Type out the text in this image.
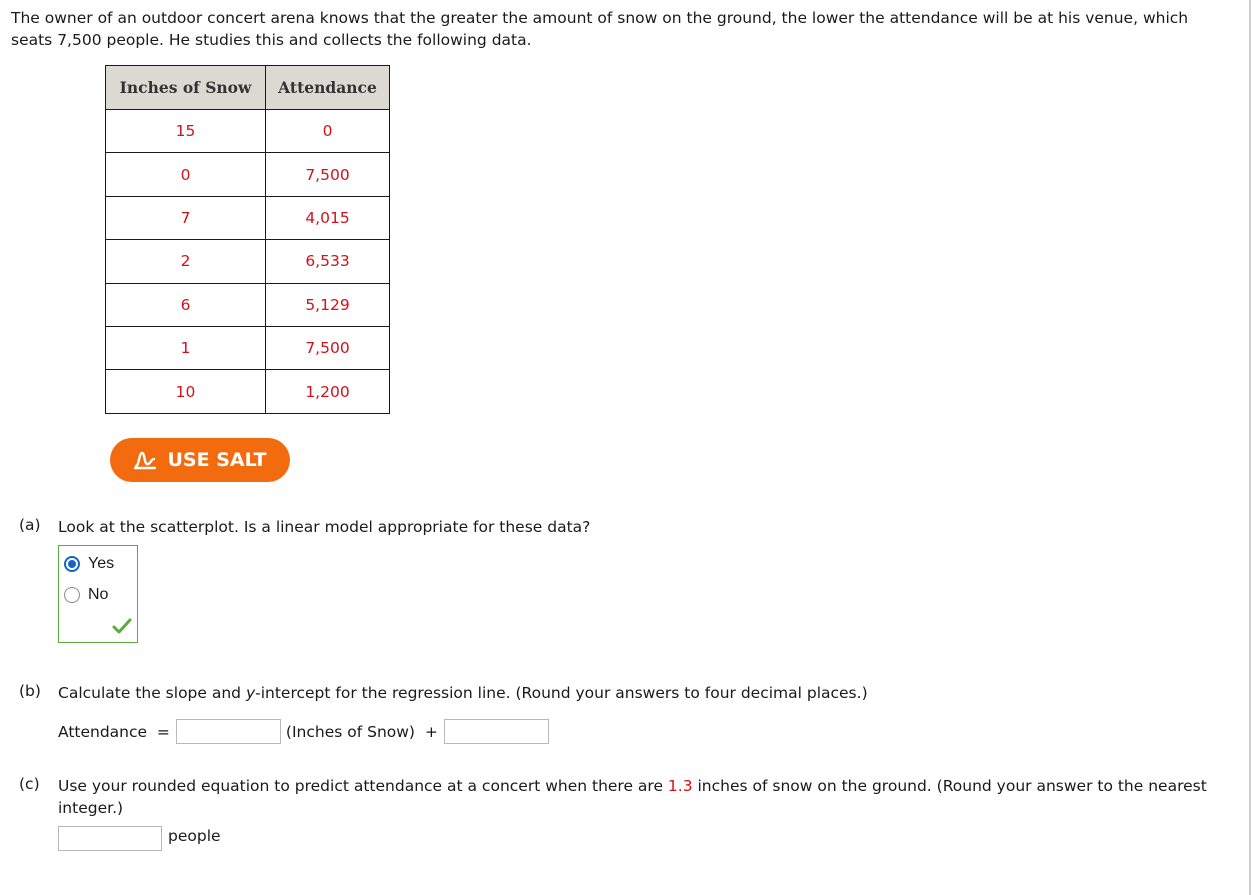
The owner of an outdoor concert arena knows that the greater the amount of snow on the ground, the lower the attendance will be at his venue, which seats 7,500 people. He studies this and collects the following data.

Inches of Snow	Attendance
15	0
0	7,500
7	4,015
2	6,533
6	5,129
1	7,500
10	1,200
USE SALT
(a) Look at the scatterplot. Is a linear model appropriate for these data?
Yes
No
(b) Calculate the slope and y-intercept for the regression line. (Round your answers to four decimal places.)
Attendance  =	(Inches of Snow)  +
(c) Use your rounded equation to predict attendance at a concert when there are 1.3 inches of snow on the ground. (Round your answer to the nearest integer.)
people
